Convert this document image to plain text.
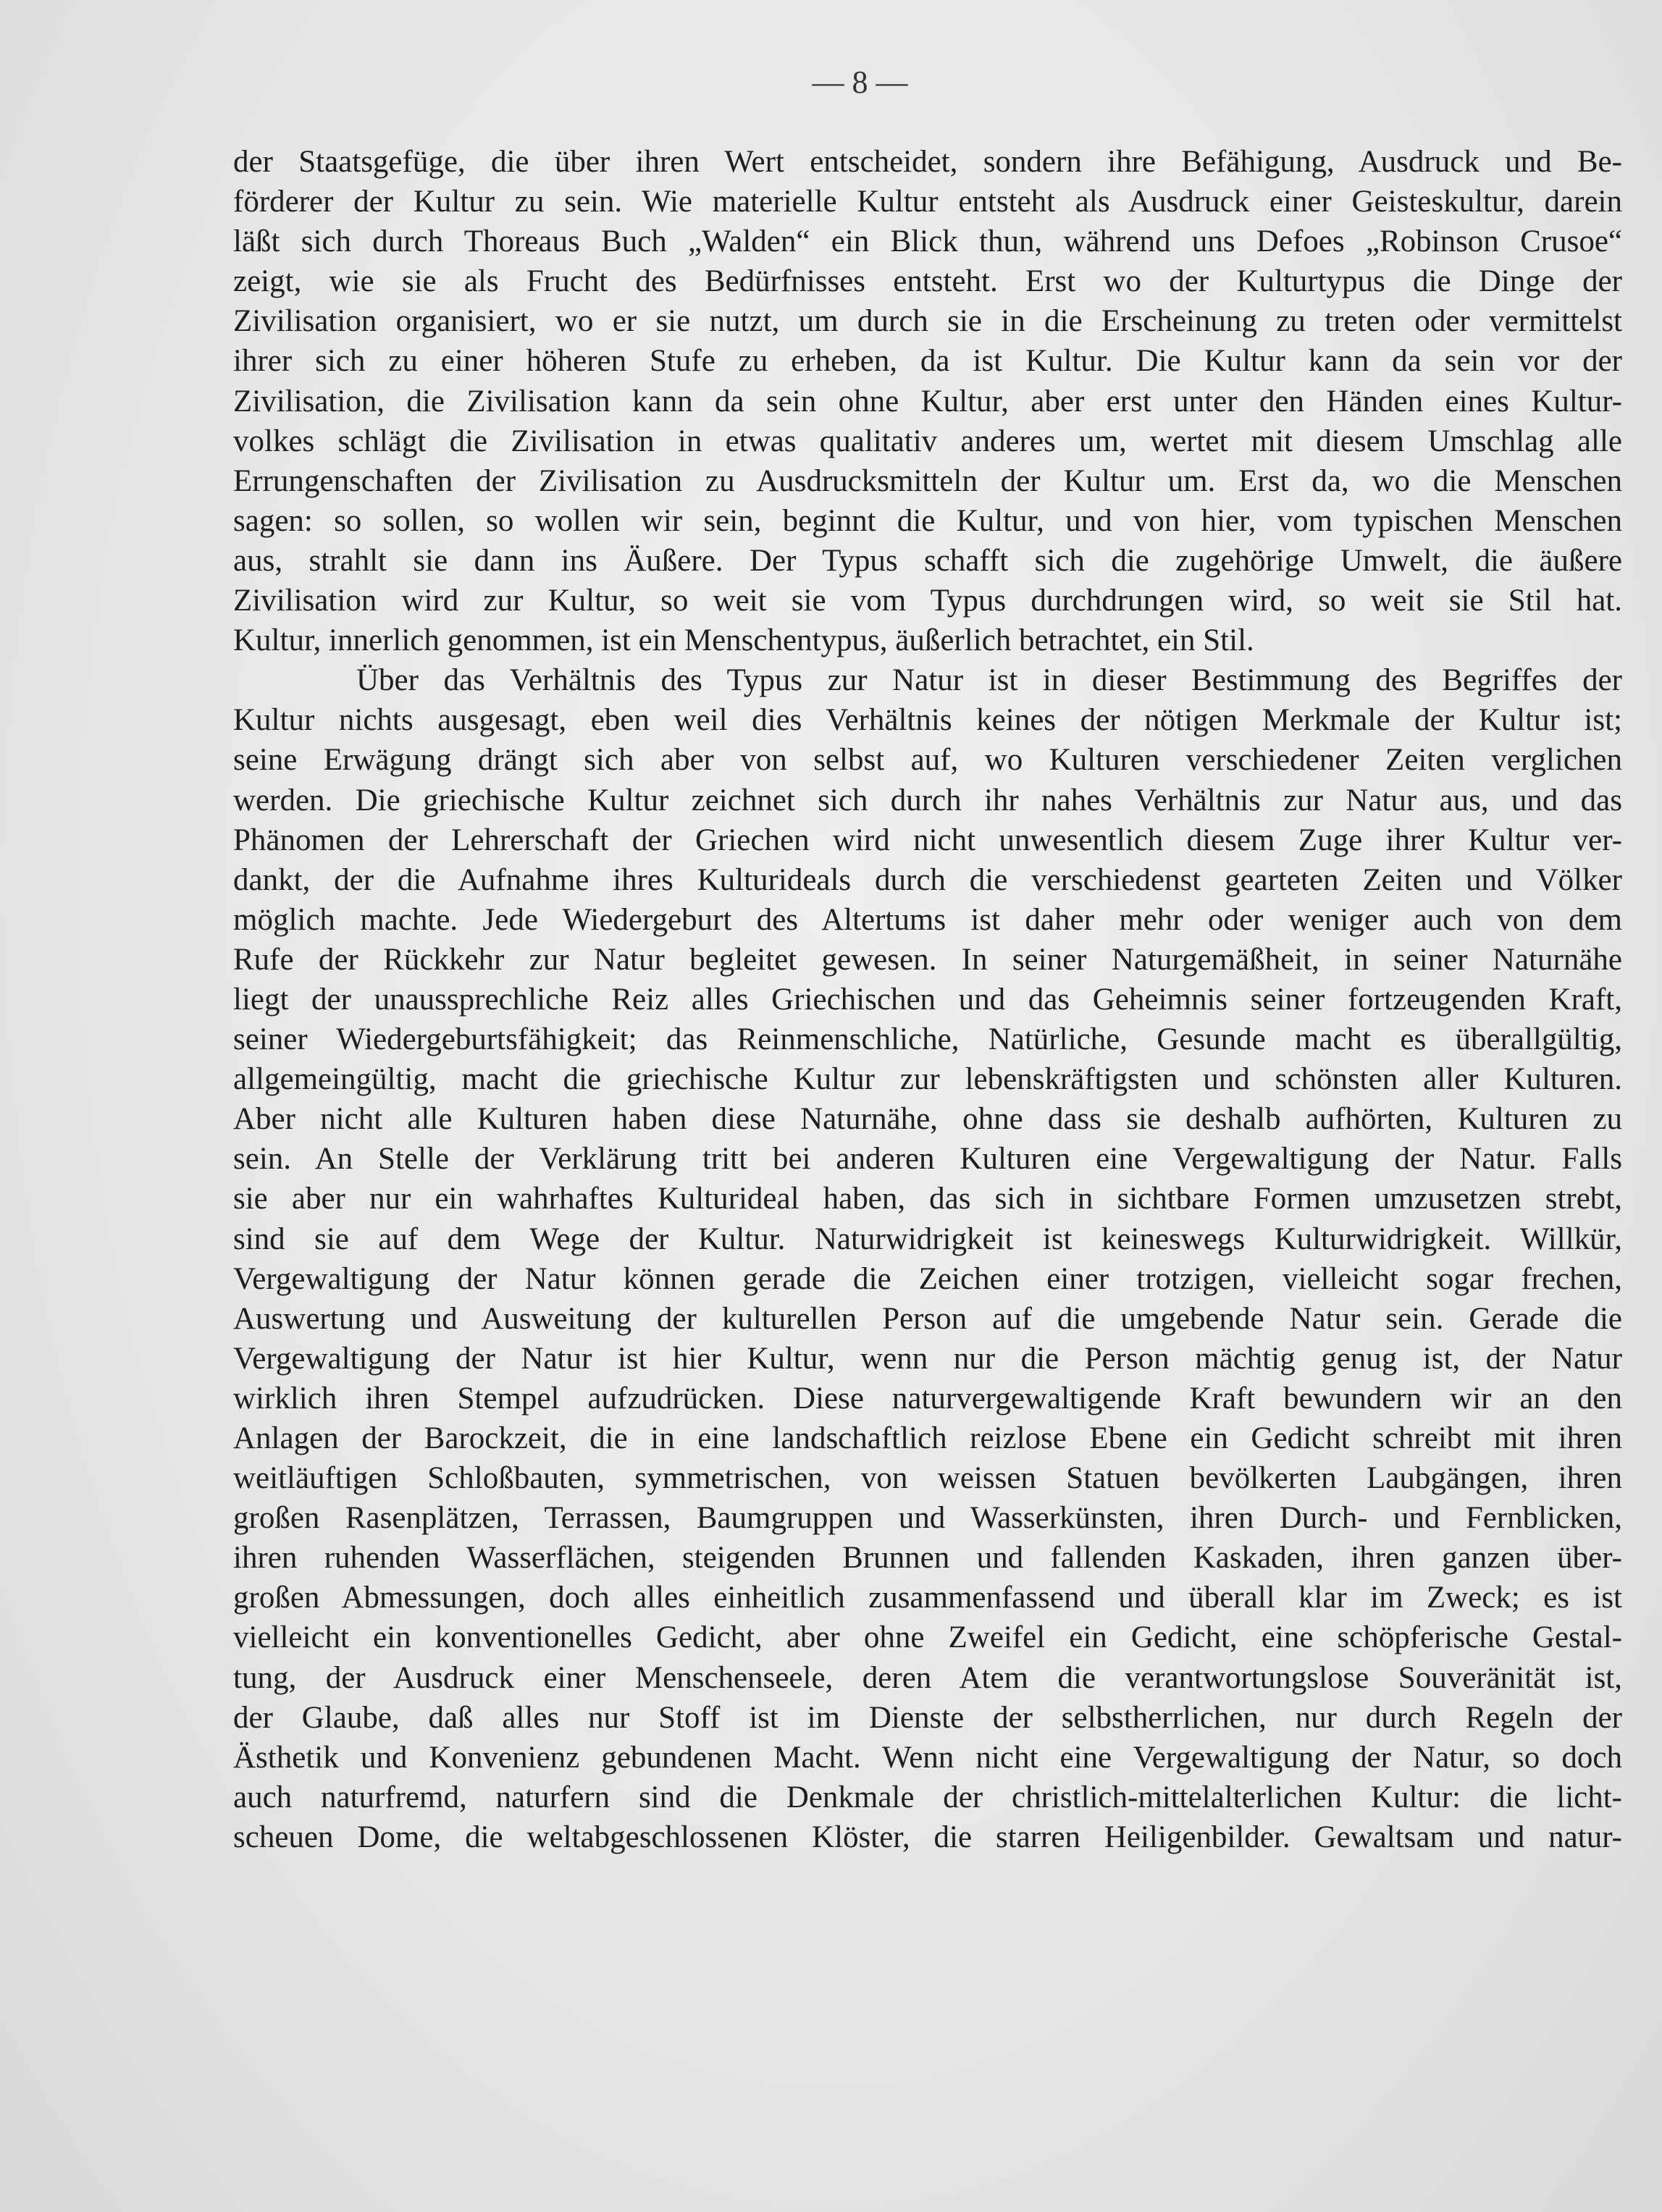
— 8 —
der Staatsgefüge, die über ihren Wert entscheidet, sondern ihre Befähigung, Ausdruck und Be-
förderer der Kultur zu sein. Wie materielle Kultur entsteht als Ausdruck einer Geisteskultur, darein
läßt sich durch Thoreaus Buch „Walden“ ein Blick thun, während uns Defoes „Robinson Crusoe“
zeigt, wie sie als Frucht des Bedürfnisses entsteht. Erst wo der Kulturtypus die Dinge der
Zivilisation organisiert, wo er sie nutzt, um durch sie in die Erscheinung zu treten oder vermittelst
ihrer sich zu einer höheren Stufe zu erheben, da ist Kultur. Die Kultur kann da sein vor der
Zivilisation, die Zivilisation kann da sein ohne Kultur, aber erst unter den Händen eines Kultur-
volkes schlägt die Zivilisation in etwas qualitativ anderes um, wertet mit diesem Umschlag alle
Errungenschaften der Zivilisation zu Ausdrucksmitteln der Kultur um. Erst da, wo die Menschen
sagen: so sollen, so wollen wir sein, beginnt die Kultur, und von hier, vom typischen Menschen
aus, strahlt sie dann ins Äußere. Der Typus schafft sich die zugehörige Umwelt, die äußere
Zivilisation wird zur Kultur, so weit sie vom Typus durchdrungen wird, so weit sie Stil hat.
Kultur, innerlich genommen, ist ein Menschentypus, äußerlich betrachtet, ein Stil.
Über das Verhältnis des Typus zur Natur ist in dieser Bestimmung des Begriffes der
Kultur nichts ausgesagt, eben weil dies Verhältnis keines der nötigen Merkmale der Kultur ist;
seine Erwägung drängt sich aber von selbst auf, wo Kulturen verschiedener Zeiten verglichen
werden. Die griechische Kultur zeichnet sich durch ihr nahes Verhältnis zur Natur aus, und das
Phänomen der Lehrerschaft der Griechen wird nicht unwesentlich diesem Zuge ihrer Kultur ver-
dankt, der die Aufnahme ihres Kulturideals durch die verschiedenst gearteten Zeiten und Völker
möglich machte. Jede Wiedergeburt des Altertums ist daher mehr oder weniger auch von dem
Rufe der Rückkehr zur Natur begleitet gewesen. In seiner Naturgemäßheit, in seiner Naturnähe
liegt der unaussprechliche Reiz alles Griechischen und das Geheimnis seiner fortzeugenden Kraft,
seiner Wiedergeburtsfähigkeit; das Reinmenschliche, Natürliche, Gesunde macht es überallgültig,
allgemeingültig, macht die griechische Kultur zur lebenskräftigsten und schönsten aller Kulturen.
Aber nicht alle Kulturen haben diese Naturnähe, ohne dass sie deshalb aufhörten, Kulturen zu
sein. An Stelle der Verklärung tritt bei anderen Kulturen eine Vergewaltigung der Natur. Falls
sie aber nur ein wahrhaftes Kulturideal haben, das sich in sichtbare Formen umzusetzen strebt,
sind sie auf dem Wege der Kultur. Naturwidrigkeit ist keineswegs Kulturwidrigkeit. Willkür,
Vergewaltigung der Natur können gerade die Zeichen einer trotzigen, vielleicht sogar frechen,
Auswertung und Ausweitung der kulturellen Person auf die umgebende Natur sein. Gerade die
Vergewaltigung der Natur ist hier Kultur, wenn nur die Person mächtig genug ist, der Natur
wirklich ihren Stempel aufzudrücken. Diese naturvergewaltigende Kraft bewundern wir an den
Anlagen der Barockzeit, die in eine landschaftlich reizlose Ebene ein Gedicht schreibt mit ihren
weitläuftigen Schloßbauten, symmetrischen, von weissen Statuen bevölkerten Laubgängen, ihren
großen Rasenplätzen, Terrassen, Baumgruppen und Wasserkünsten, ihren Durch- und Fernblicken,
ihren ruhenden Wasserflächen, steigenden Brunnen und fallenden Kaskaden, ihren ganzen über-
großen Abmessungen, doch alles einheitlich zusammenfassend und überall klar im Zweck; es ist
vielleicht ein konventionelles Gedicht, aber ohne Zweifel ein Gedicht, eine schöpferische Gestal-
tung, der Ausdruck einer Menschenseele, deren Atem die verantwortungslose Souveränität ist,
der Glaube, daß alles nur Stoff ist im Dienste der selbstherrlichen, nur durch Regeln der
Ästhetik und Konvenienz gebundenen Macht. Wenn nicht eine Vergewaltigung der Natur, so doch
auch naturfremd, naturfern sind die Denkmale der christlich-mittelalterlichen Kultur: die licht-
scheuen Dome, die weltabgeschlossenen Klöster, die starren Heiligenbilder. Gewaltsam und natur-
